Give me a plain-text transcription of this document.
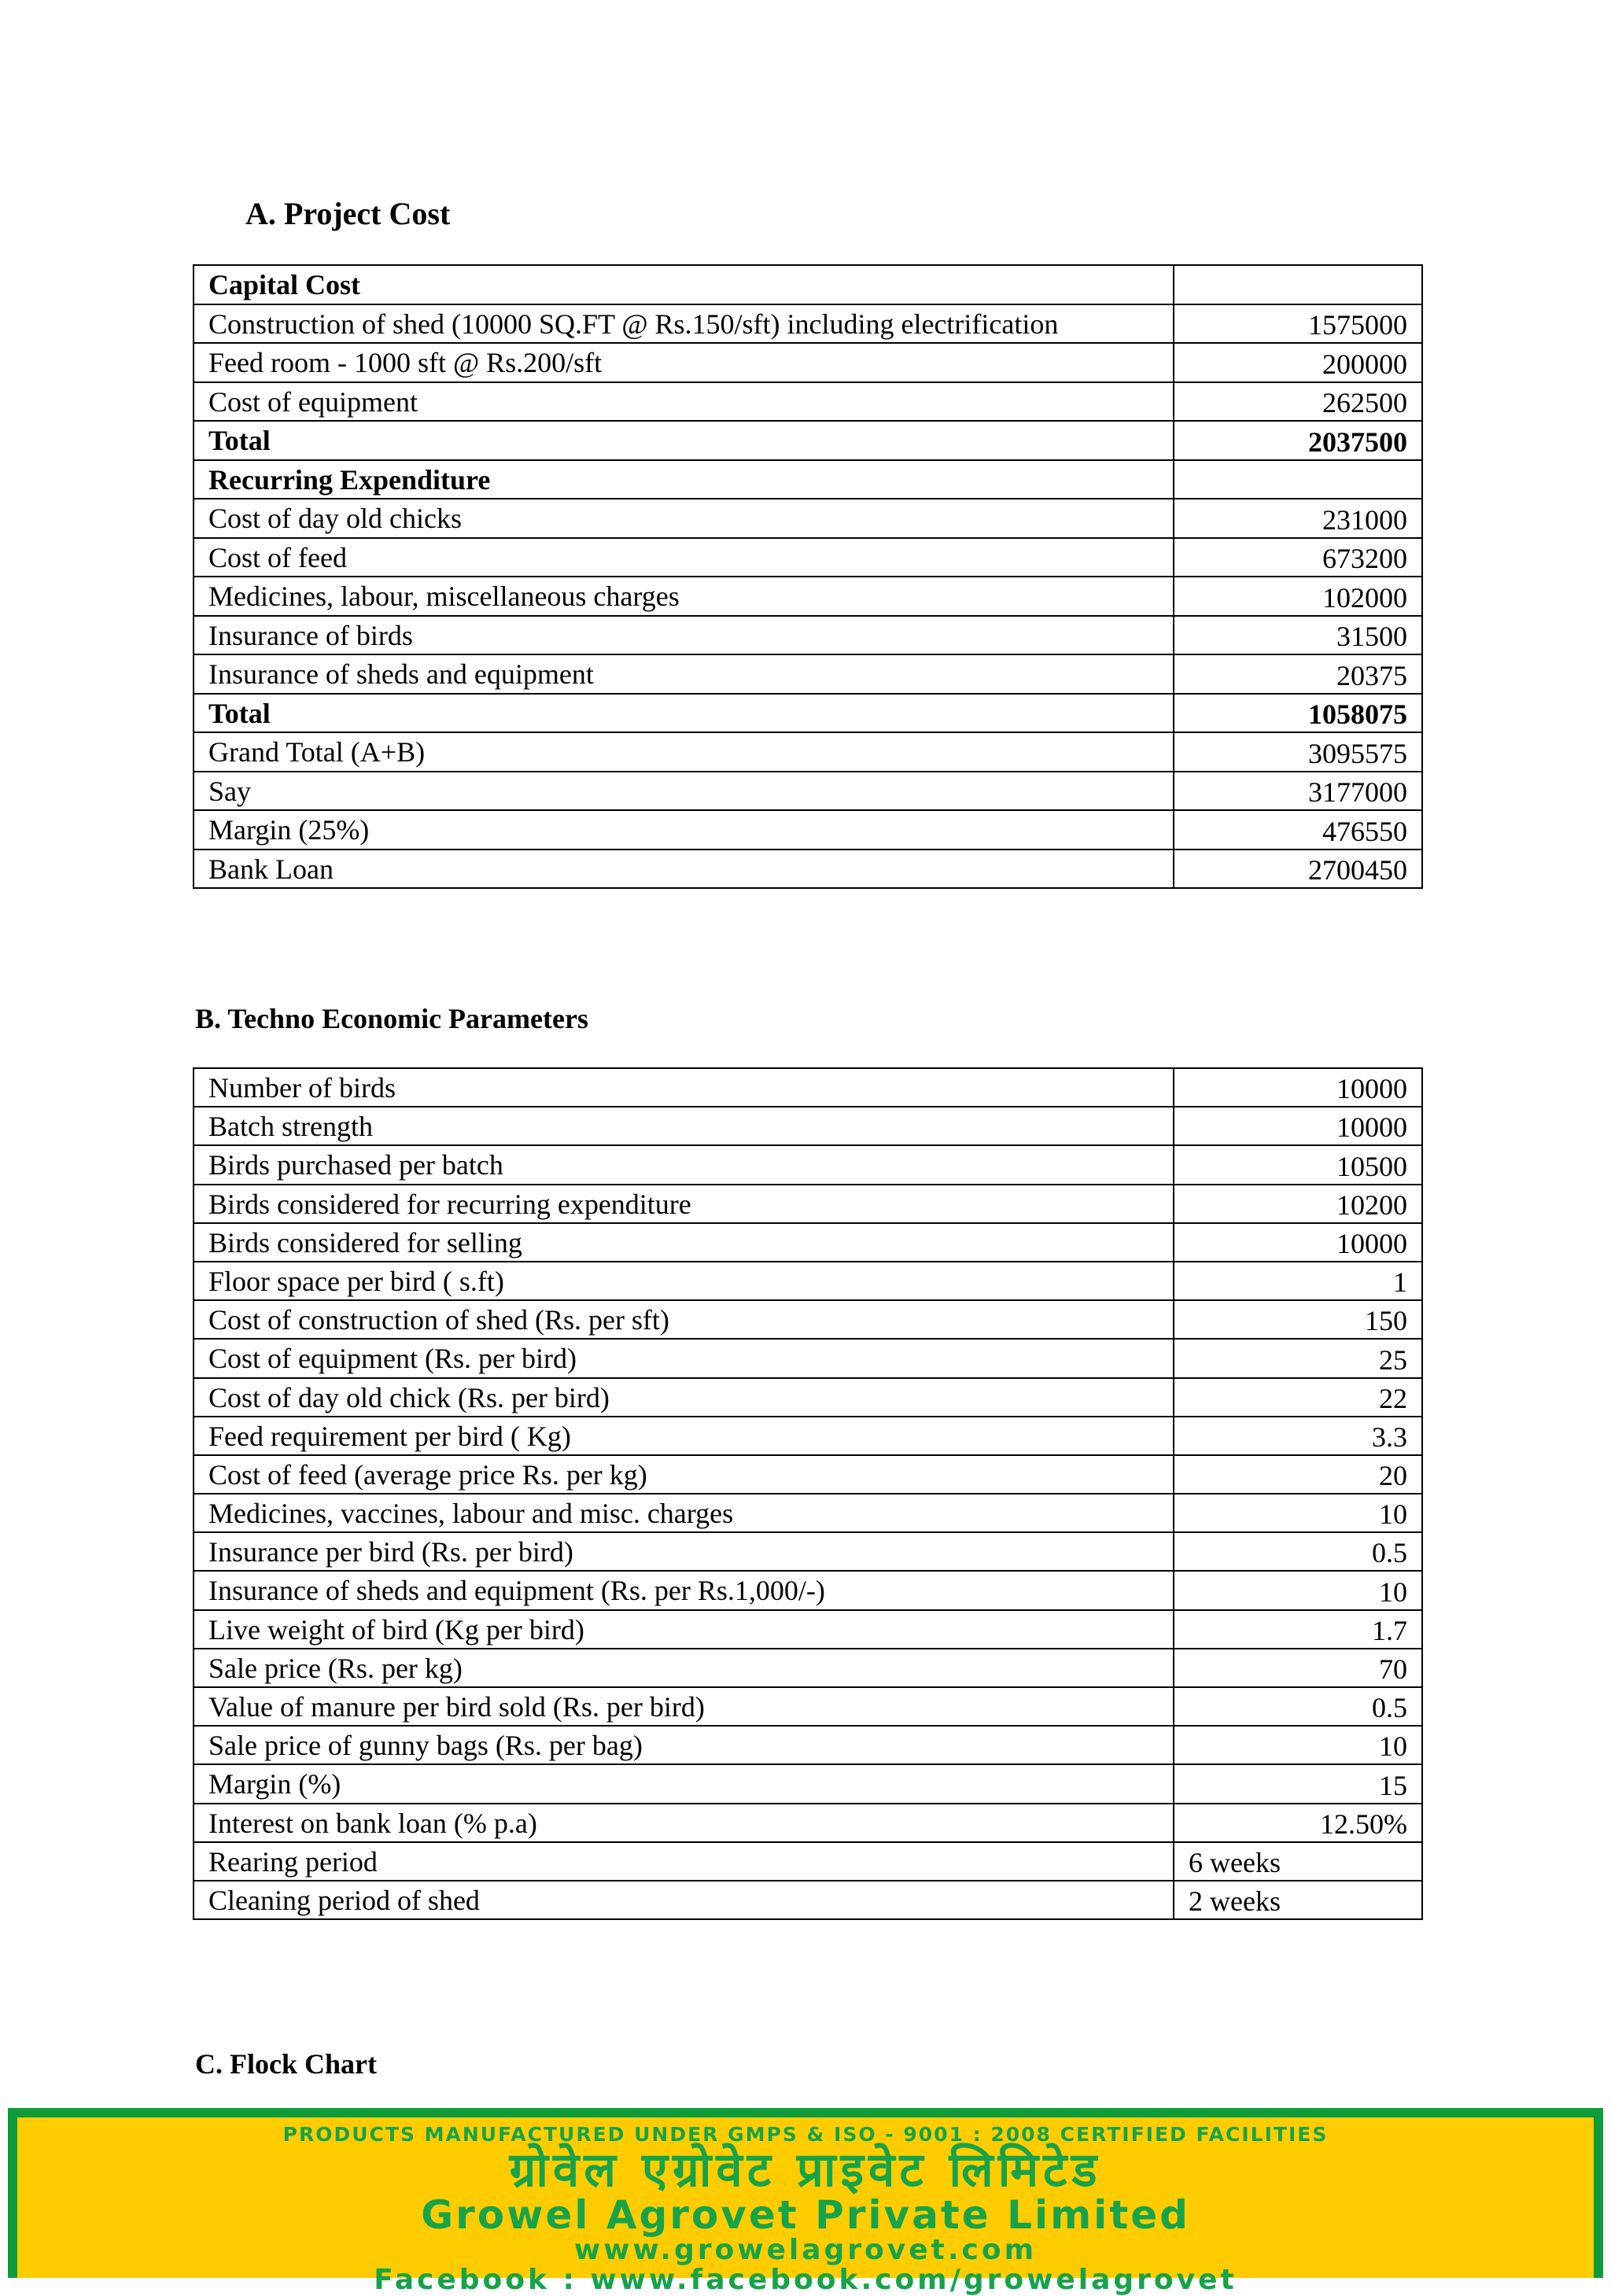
A. Project Cost
Capital Cost	
Construction of shed (10000 SQ.FT @ Rs.150/sft) including electrification	1575000
Feed room - 1000 sft @ Rs.200/sft	200000
Cost of equipment	262500
Total	2037500
Recurring Expenditure	
Cost of day old chicks	231000
Cost of feed	673200
Medicines, labour, miscellaneous charges	102000
Insurance of birds	31500
Insurance of sheds and equipment	20375
Total	1058075
Grand Total (A+B)	3095575
Say	3177000
Margin (25%)	476550
Bank Loan	2700450
B. Techno Economic Parameters
Number of birds	10000
Batch strength	10000
Birds purchased per batch	10500
Birds considered for recurring expenditure	10200
Birds considered for selling	10000
Floor space per bird ( s.ft)	1
Cost of construction of shed (Rs. per sft)	150
Cost of equipment (Rs. per bird)	25
Cost of day old chick (Rs. per bird)	22
Feed requirement per bird ( Kg)	3.3
Cost of feed (average price Rs. per kg)	20
Medicines, vaccines, labour and misc. charges	10
Insurance per bird (Rs. per bird)	0.5
Insurance of sheds and equipment (Rs. per Rs.1,000/-)	10
Live weight of bird (Kg per bird)	1.7
Sale price (Rs. per kg)	70
Value of manure per bird sold (Rs. per bird)	0.5
Sale price of gunny bags (Rs. per bag)	10
Margin (%)	15
Interest on bank loan (% p.a)	12.50%
Rearing period	6 weeks
Cleaning period of shed	2 weeks
C. Flock Chart
PRODUCTS MANUFACTURED UNDER GMPS & ISO - 9001 : 2008 CERTIFIED FACILITIES
ग्रोवेल एग्रोवेट प्राइवेट लिमिटेड
Growel Agrovet Private Limited
www.growelagrovet.com
Facebook : www.facebook.com/growelagrovet
